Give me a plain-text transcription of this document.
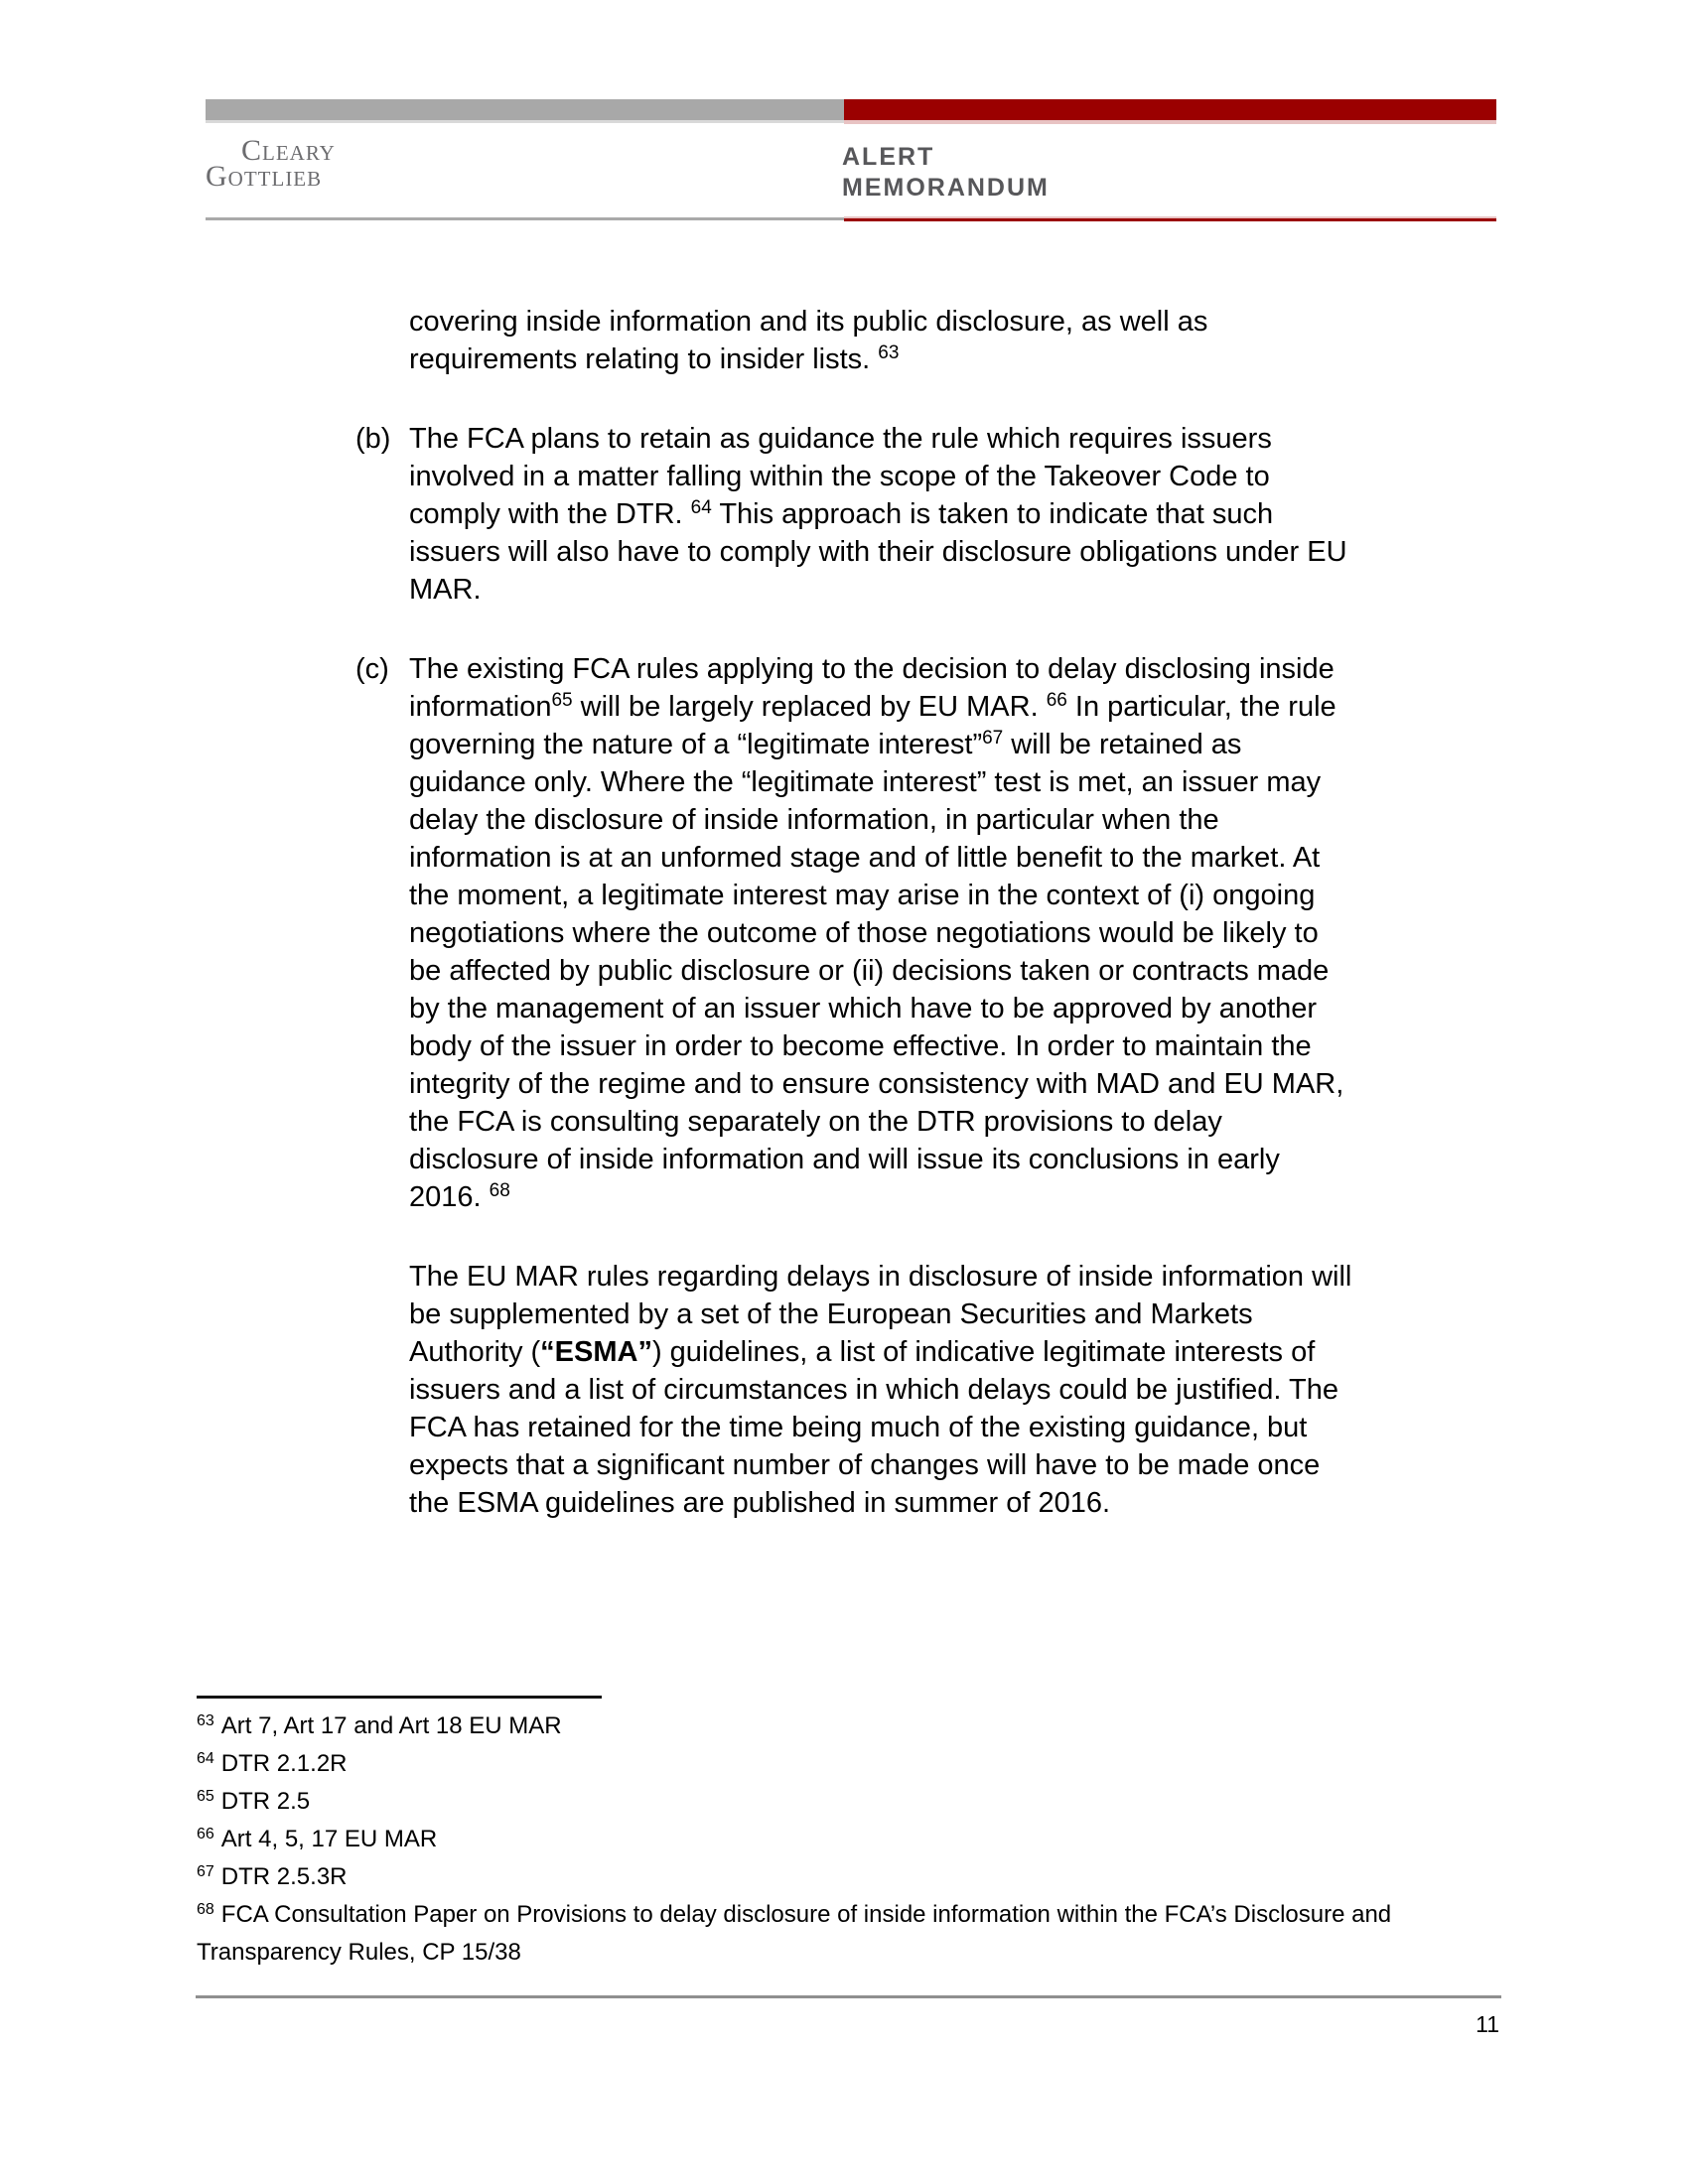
Cleary
Gottlieb
ALERT
MEMORANDUM
covering inside information and its public disclosure, as well as
requirements relating to insider lists. $^{63}$
(b) The FCA plans to retain as guidance the rule which requires issuers
involved in a matter falling within the scope of the Takeover Code to
comply with the DTR. $^{64}$ This approach is taken to indicate that such
issuers will also have to comply with their disclosure obligations under EU
MAR.
(c) The existing FCA rules applying to the decision to delay disclosing inside
information$^{65}$ will be largely replaced by EU MAR. $^{66}$ In particular, the rule
governing the nature of a “legitimate interest”$^{67}$ will be retained as
guidance only. Where the “legitimate interest” test is met, an issuer may
delay the disclosure of inside information, in particular when the
information is at an unformed stage and of little benefit to the market. At
the moment, a legitimate interest may arise in the context of (i) ongoing
negotiations where the outcome of those negotiations would be likely to
be affected by public disclosure or (ii) decisions taken or contracts made
by the management of an issuer which have to be approved by another
body of the issuer in order to become effective. In order to maintain the
integrity of the regime and to ensure consistency with MAD and EU MAR,
the FCA is consulting separately on the DTR provisions to delay
disclosure of inside information and will issue its conclusions in early
2016. $^{68}$
The EU MAR rules regarding delays in disclosure of inside information will
be supplemented by a set of the European Securities and Markets
Authority (“ESMA”) guidelines, a list of indicative legitimate interests of
issuers and a list of circumstances in which delays could be justified. The
FCA has retained for the time being much of the existing guidance, but
expects that a significant number of changes will have to be made once
the ESMA guidelines are published in summer of 2016.
$^{63}$ Art 7, Art 17 and Art 18 EU MAR
$^{64}$ DTR 2.1.2R
$^{65}$ DTR 2.5
$^{66}$ Art 4, 5, 17 EU MAR
$^{67}$ DTR 2.5.3R
$^{68}$ FCA Consultation Paper on Provisions to delay disclosure of inside information within the FCA’s Disclosure and
Transparency Rules, CP 15/38
11
